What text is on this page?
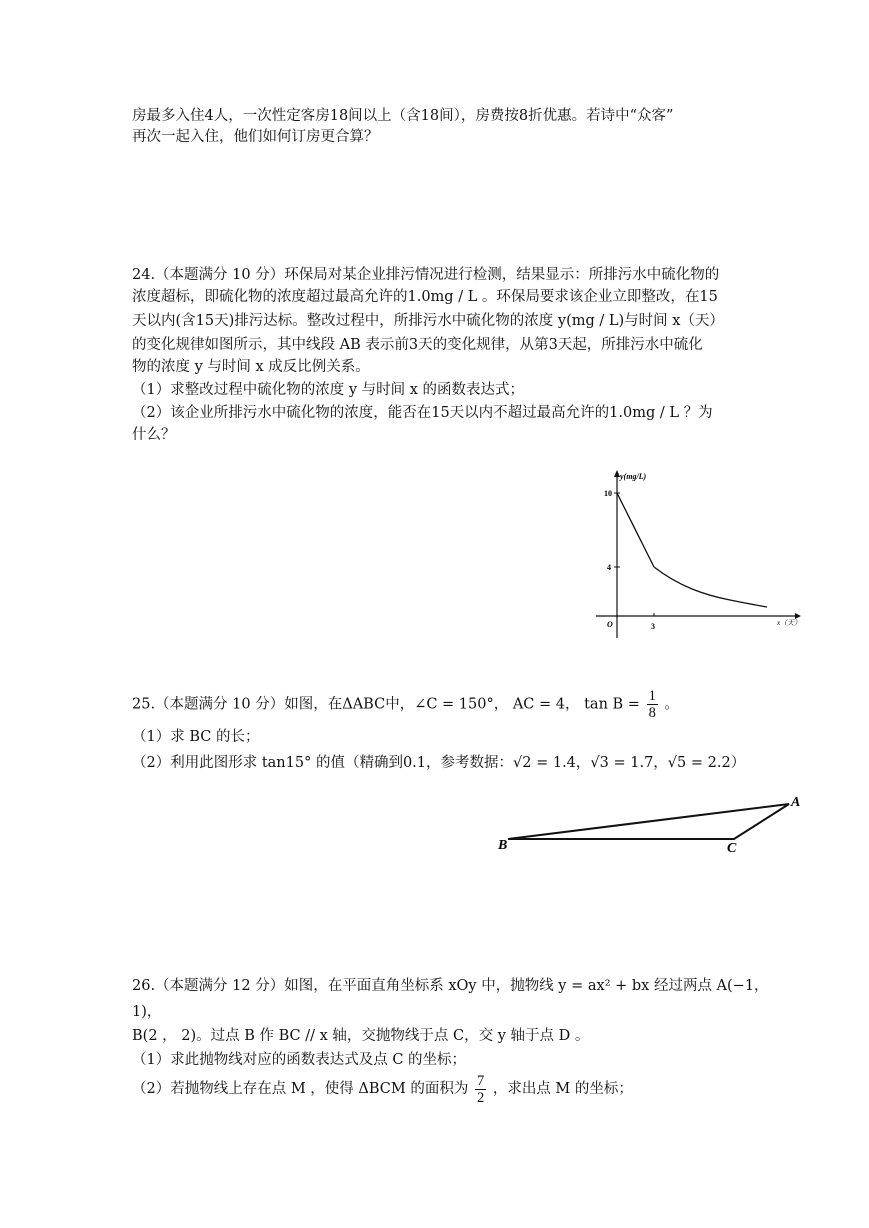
房最多入住4人，一次性定客房18间以上（含18间），房费按8折优惠。若诗中“众客”
再次一起入住，他们如何订房更合算？
24.（本题满分 10 分）环保局对某企业排污情况进行检测，结果显示：所排污水中硫化物的
浓度超标，即硫化物的浓度超过最高允许的1.0mg / L 。环保局要求该企业立即整改，在15
天以内(含15天)排污达标。整改过程中，所排污水中硫化物的浓度 y(mg / L)与时间 x（天）
的变化规律如图所示，其中线段 AB 表示前3天的变化规律，从第3天起，所排污水中硫化
物的浓度 y 与时间 x 成反比例关系。
（1）求整改过程中硫化物的浓度 y 与时间 x 的函数表达式；
（2）该企业所排污水中硫化物的浓度，能否在15天以内不超过最高允许的1.0mg / L ？为
什么？
y(mg/L)
10
4
O	3	x（天）
25.（本题满分 10 分）如图，在ΔABC中，∠C = 150°， AC = 4， $\tan B = \frac{1}{8}$ 。
（1）求 BC 的长；
（2）利用此图形求 tan15° 的值（精确到0.1，参考数据：√2 = 1.4，√3 = 1.7，√5 = 2.2）
A
B	C
26.（本题满分 12 分）如图，在平面直角坐标系 xOy 中，抛物线 y = ax² + bx 经过两点 A(−1，
1)，
B(2 ， 2)。过点 B 作 BC // x 轴，交抛物线于点 C，交 y 轴于点 D 。
（1）求此抛物线对应的函数表达式及点 C 的坐标；
（2）若抛物线上存在点 M ，使得 ΔBCM 的面积为 $\frac{7}{2}$ ，求出点 M 的坐标；
